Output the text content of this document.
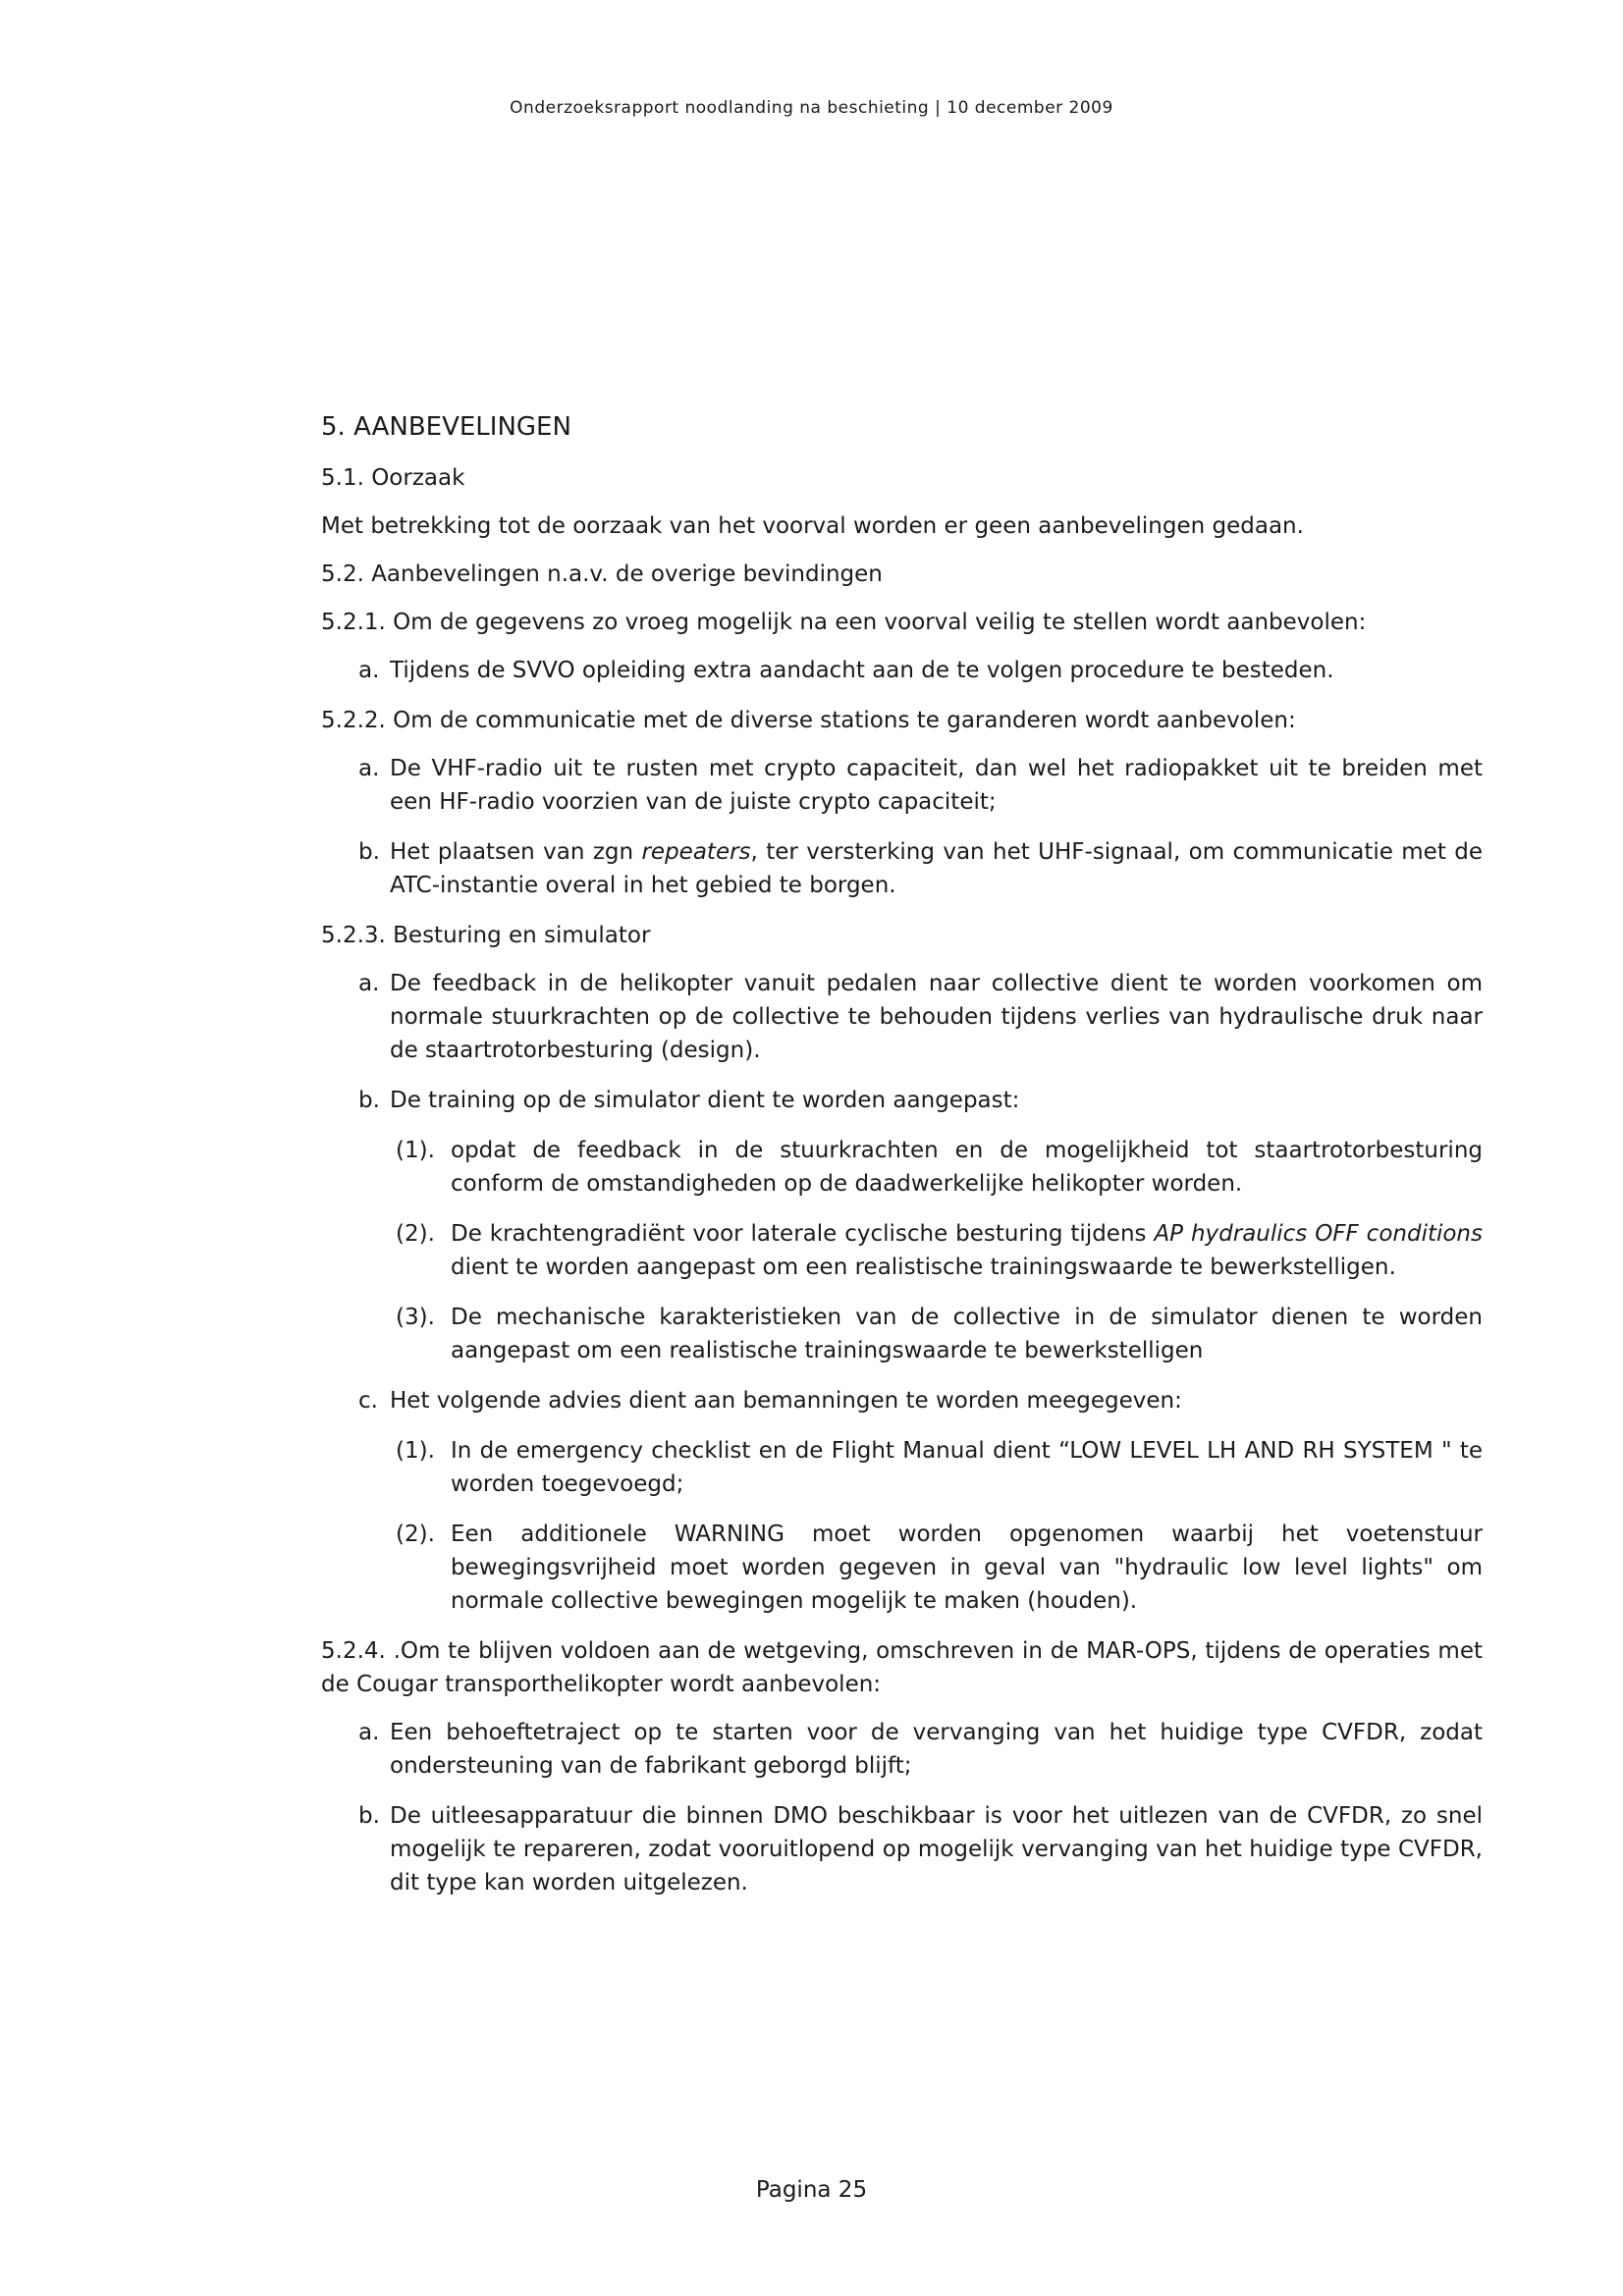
Onderzoeksrapport noodlanding na beschieting | 10 december 2009
5. AANBEVELINGEN
5.1. Oorzaak
Met betrekking tot de oorzaak van het voorval worden er geen aanbevelingen gedaan.
5.2. Aanbevelingen n.a.v. de overige bevindingen
5.2.1. Om de gegevens zo vroeg mogelijk na een voorval veilig te stellen wordt aanbevolen:
a. Tijdens de SVVO opleiding extra aandacht aan de te volgen procedure te besteden.
5.2.2. Om de communicatie met de diverse stations te garanderen wordt aanbevolen:
a. De VHF-radio uit te rusten met crypto capaciteit, dan wel het radiopakket uit te breiden met een HF-radio voorzien van de juiste crypto capaciteit;
b. Het plaatsen van zgn repeaters, ter versterking van het UHF-signaal, om communicatie met de ATC-instantie overal in het gebied te borgen.
5.2.3. Besturing en simulator
a. De feedback in de helikopter vanuit pedalen naar collective dient te worden voorkomen om normale stuurkrachten op de collective te behouden tijdens verlies van hydraulische druk naar de staartrotorbesturing (design).
b. De training op de simulator dient te worden aangepast:
(1). opdat de feedback in de stuurkrachten en de mogelijkheid tot staartrotorbesturing conform de omstandigheden op de daadwerkelijke helikopter worden.
(2). De krachtengradiënt voor laterale cyclische besturing tijdens AP hydraulics OFF conditions dient te worden aangepast om een realistische trainingswaarde te bewerkstelligen.
(3). De mechanische karakteristieken van de collective in de simulator dienen te worden aangepast om een realistische trainingswaarde te bewerkstelligen
c. Het volgende advies dient aan bemanningen te worden meegegeven:
(1). In de emergency checklist en de Flight Manual dient “LOW LEVEL LH AND RH SYSTEM " te worden toegevoegd;
(2). Een additionele WARNING moet worden opgenomen waarbij het voetenstuur bewegingsvrijheid moet worden gegeven in geval van "hydraulic low level lights" om normale collective bewegingen mogelijk te maken (houden).
5.2.4. .Om te blijven voldoen aan de wetgeving, omschreven in de MAR-OPS, tijdens de operaties met de Cougar transporthelikopter wordt aanbevolen:
a. Een behoeftetraject op te starten voor de vervanging van het huidige type CVFDR, zodat ondersteuning van de fabrikant geborgd blijft;
b. De uitleesapparatuur die binnen DMO beschikbaar is voor het uitlezen van de CVFDR, zo snel mogelijk te repareren, zodat vooruitlopend op mogelijk vervanging van het huidige type CVFDR, dit type kan worden uitgelezen.
Pagina 25
